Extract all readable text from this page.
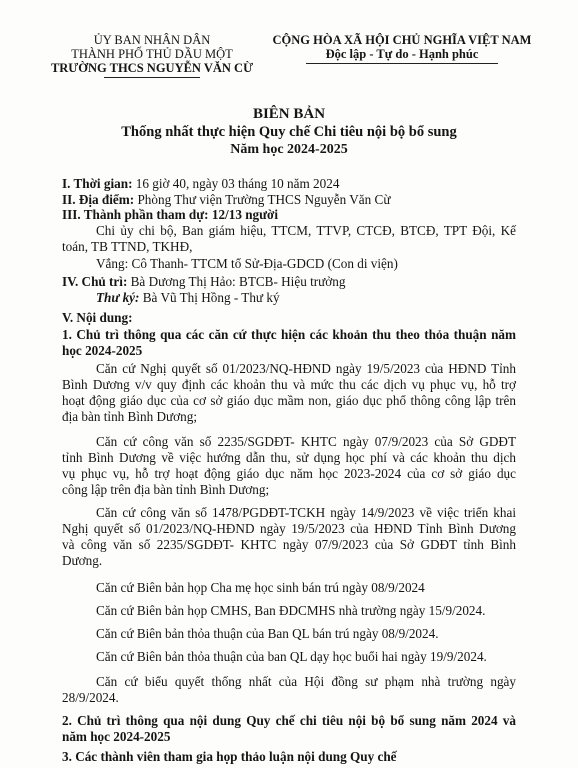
ỦY BAN NHÂN DÂN
THÀNH PHỐ THỦ DẦU MỘT
TRƯỜNG THCS NGUYỄN VĂN CỪ
CỘNG HÒA XÃ HỘI CHỦ NGHĨA VIỆT NAM
Độc lập - Tự do - Hạnh phúc
BIÊN BẢN
Thống nhất thực hiện Quy chế Chi tiêu nội bộ bổ sung
Năm học 2024-2025
I. Thời gian: 16 giờ 40, ngày 03 tháng 10 năm 2024
II. Địa điểm: Phòng Thư viện Trường THCS Nguyễn Văn Cừ
III. Thành phần tham dự: 12/13 người
Chi ủy chi bộ, Ban giám hiệu, TTCM, TTVP, CTCĐ, BTCĐ, TPT Đội, Kế
toán, TB TTND, TKHĐ,
Vắng: Cô Thanh- TTCM tổ Sử-Địa-GDCD (Con di viện)
IV. Chủ trì: Bà Dương Thị Hảo: BTCB- Hiệu trưởng
Thư ký: Bà Vũ Thị Hồng - Thư ký
V. Nội dung:
1. Chủ trì thông qua các căn cứ thực hiện các khoản thu theo thỏa thuận năm
học 2024-2025
Căn cứ Nghị quyết số 01/2023/NQ-HĐND ngày 19/5/2023 của HĐND Tỉnh
Bình Dương v/v quy định các khoản thu và mức thu các dịch vụ phục vụ, hỗ trợ
hoạt động giáo dục của cơ sở giáo dục mầm non, giáo dục phổ thông công lập trên
địa bàn tỉnh Bình Dương;
Căn cứ công văn số 2235/SGDĐT- KHTC ngày 07/9/2023 của Sở GDĐT
tỉnh Bình Dương về việc hướng dẫn thu, sử dụng học phí và các khoản thu dịch
vụ phục vụ, hỗ trợ hoạt động giáo dục năm học 2023-2024 của cơ sở giáo dục
công lập trên địa bàn tỉnh Bình Dương;
Căn cứ công văn số 1478/PGDĐT-TCKH ngày 14/9/2023 về việc triển khai
Nghị quyết số 01/2023/NQ-HĐND ngày 19/5/2023 của HĐND Tỉnh Bình Dương
và công văn số 2235/SGDĐT- KHTC ngày 07/9/2023 của Sở GDĐT tỉnh Bình
Dương.
Căn cứ Biên bản họp Cha mẹ học sinh bán trú ngày 08/9/2024
Căn cứ Biên bản họp CMHS, Ban ĐDCMHS nhà trường ngày 15/9/2024.
Căn cứ Biên bản thỏa thuận của Ban QL bán trú ngày 08/9/2024.
Căn cứ Biên bản thỏa thuận của ban QL dạy học buổi hai ngày 19/9/2024.
Căn cứ biểu quyết thống nhất của Hội đồng sư phạm nhà trường ngày
28/9/2024.
2. Chủ trì thông qua nội dung Quy chế chi tiêu nội bộ bổ sung năm 2024 và
năm học 2024-2025
3. Các thành viên tham gia họp thảo luận nội dung Quy chế
